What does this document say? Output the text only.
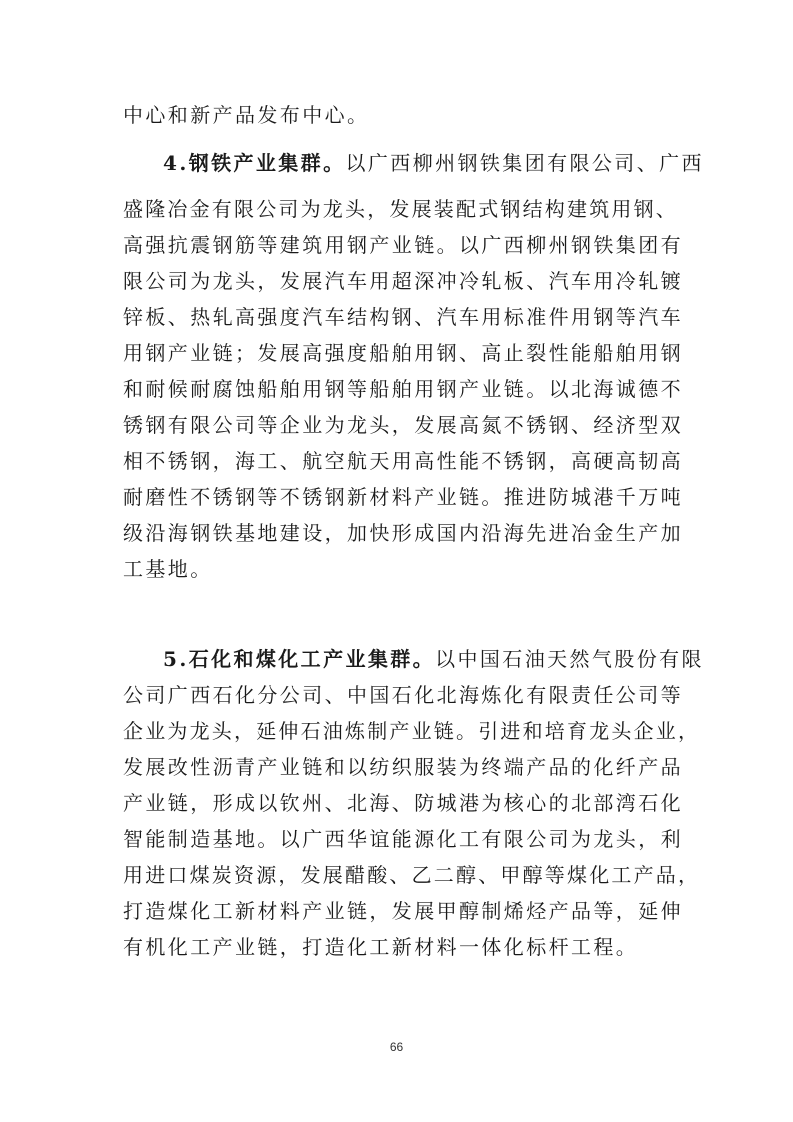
中心和新产品发布中心。
4.钢铁产业集群。以广西柳州钢铁集团有限公司、广西
盛隆冶金有限公司为龙头，发展装配式钢结构建筑用钢、
高强抗震钢筋等建筑用钢产业链。以广西柳州钢铁集团有
限公司为龙头，发展汽车用超深冲冷轧板、汽车用冷轧镀
锌板、热轧高强度汽车结构钢、汽车用标准件用钢等汽车
用钢产业链；发展高强度船舶用钢、高止裂性能船舶用钢
和耐候耐腐蚀船舶用钢等船舶用钢产业链。以北海诚德不
锈钢有限公司等企业为龙头，发展高氮不锈钢、经济型双
相不锈钢，海工、航空航天用高性能不锈钢，高硬高韧高
耐磨性不锈钢等不锈钢新材料产业链。推进防城港千万吨
级沿海钢铁基地建设，加快形成国内沿海先进冶金生产加
工基地。
5.石化和煤化工产业集群。以中国石油天然气股份有限
公司广西石化分公司、中国石化北海炼化有限责任公司等
企业为龙头，延伸石油炼制产业链。引进和培育龙头企业，
发展改性沥青产业链和以纺织服装为终端产品的化纤产品
产业链，形成以钦州、北海、防城港为核心的北部湾石化
智能制造基地。以广西华谊能源化工有限公司为龙头，利
用进口煤炭资源，发展醋酸、乙二醇、甲醇等煤化工产品，
打造煤化工新材料产业链，发展甲醇制烯烃产品等，延伸
有机化工产业链，打造化工新材料一体化标杆工程。
66
